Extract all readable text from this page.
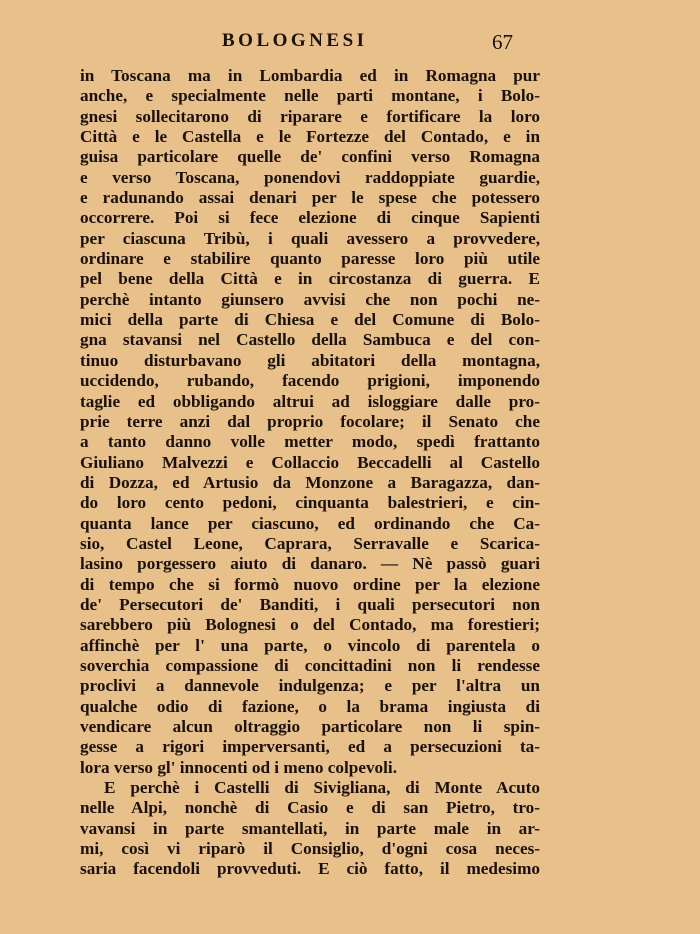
BOLOGNESI	67
in Toscana ma in Lombardia ed in Romagna pur
anche, e specialmente nelle parti montane, i Bolo-
gnesi sollecitarono di riparare e fortificare la loro
Città e le Castella e le Fortezze del Contado, e in
guisa particolare quelle de' confini verso Romagna
e verso Toscana, ponendovi raddoppiate guardie,
e radunando assai denari per le spese che potessero
occorrere. Poi si fece elezione di cinque Sapienti
per ciascuna Tribù, i quali avessero a provvedere,
ordinare e stabilire quanto paresse loro più utile
pel bene della Città e in circostanza di guerra. E
perchè intanto giunsero avvisi che non pochi ne-
mici della parte di Chiesa e del Comune di Bolo-
gna stavansi nel Castello della Sambuca e del con-
tinuo disturbavano gli abitatori della montagna,
uccidendo, rubando, facendo prigioni, imponendo
taglie ed obbligando altrui ad isloggiare dalle pro-
prie terre anzi dal proprio focolare; il Senato che
a tanto danno volle metter modo, spedì frattanto
Giuliano Malvezzi e Collaccio Beccadelli al Castello
di Dozza, ed Artusio da Monzone a Baragazza, dan-
do loro cento pedoni, cinquanta balestrieri, e cin-
quanta lance per ciascuno, ed ordinando che Ca-
sio, Castel Leone, Caprara, Serravalle e Scarica-
lasino porgessero aiuto di danaro. — Nè passò guari
di tempo che si formò nuovo ordine per la elezione
de' Persecutori de' Banditi, i quali persecutori non
sarebbero più Bolognesi o del Contado, ma forestieri;
affinchè per l' una parte, o vincolo di parentela o
soverchia compassione di concittadini non li rendesse
proclivi a dannevole indulgenza; e per l'altra un
qualche odio di fazione, o la brama ingiusta di
vendicare alcun oltraggio particolare non li spin-
gesse a rigori imperversanti, ed a persecuzioni ta-
lora verso gl' innocenti od i meno colpevoli.
E perchè i Castelli di Sivigliana, di Monte Acuto
nelle Alpi, nonchè di Casio e di san Pietro, tro-
vavansi in parte smantellati, in parte male in ar-
mi, così vi riparò il Consiglio, d'ogni cosa neces-
saria facendoli provveduti. E ciò fatto, il medesimo
